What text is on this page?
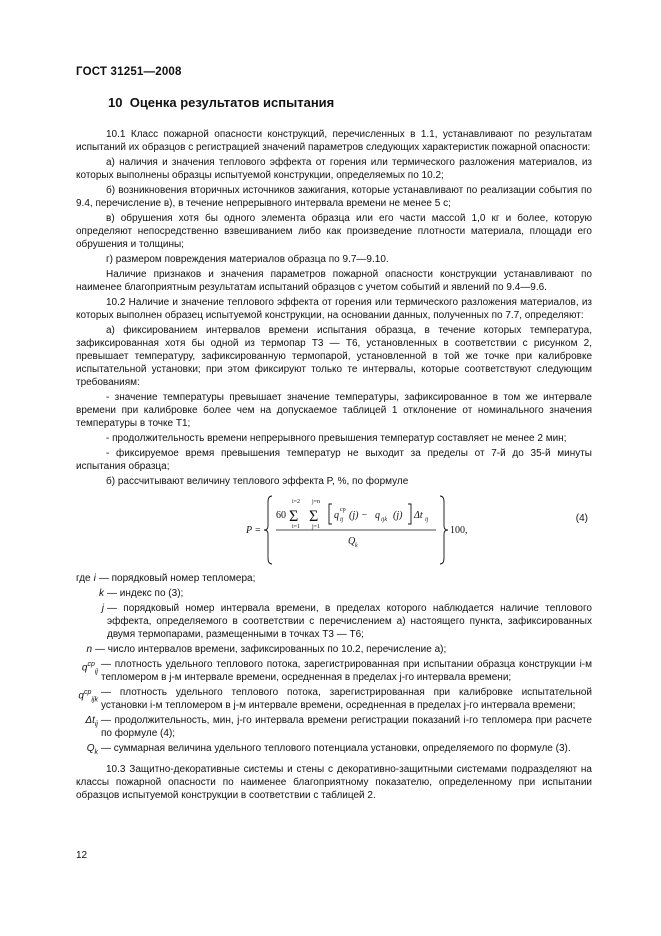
ГОСТ 31251—2008
10 Оценка результатов испытания

10.1 Класс пожарной опасности конструкций, перечисленных в 1.1, устанавливают по результатам испытаний их образцов с регистрацией значений параметров следующих характеристик пожарной опасности:

а) наличия и значения теплового эффекта от горения или термического разложения материалов, из которых выполнены образцы испытуемой конструкции, определяемых по 10.2;

б) возникновения вторичных источников зажигания, которые устанавливают по реализации события по 9.4, перечисление в), в течение непрерывного интервала времени не менее 5 с;

в) обрушения хотя бы одного элемента образца или его части массой 1,0 кг и более, которую определяют непосредственно взвешиванием либо как произведение плотности материала, площади его обрушения и толщины;

г) размером повреждения материалов образца по 9.7—9.10.

Наличие признаков и значения параметров пожарной опасности конструкции устанавливают по наименее благоприятным результатам испытаний образцов с учетом событий и явлений по 9.4—9.6.

10.2 Наличие и значение теплового эффекта от горения или термического разложения материалов, из которых выполнен образец испытуемой конструкции, на основании данных, полученных по 7.7, определяют:

а) фиксированием интервалов времени испытания образца, в течение которых температура, зафиксированная хотя бы одной из термопар Т3 — Т6, установленных в соответствии с рисунком 2, превышает температуру, зафиксированную термопарой, установленной в той же точке при калибровке испытательной установки; при этом фиксируют только те интервалы, которые соответствуют следующим требованиям:

- значение температуры превышает значение температуры, зафиксированное в том же интервале времени при калибровке более чем на допускаемое таблицей 1 отклонение от номинального значения температуры в точке Т1;

- продолжительность времени непрерывного превышения температур составляет не менее 2 мин;

- фиксируемое время превышения температур не выходит за пределы от 7-й до 35-й минуты испытания образца;

б) рассчитывают величину теплового эффекта P, %, по формуле

P =
60
i=2
Σ
i=1
j=n
Σ
j=1
q ср
ij (j) − q ijk (j) Δt ij
Q k
100,
(4)
где i — порядковый номер тепломера;
k — индекс по (3);
j — порядковый номер интервала времени, в пределах которого наблюдается наличие теплового эффекта, определяемого в соответствии с перечислением а) настоящего пункта, зафиксированных двумя термопарами, размещенными в точках Т3 — Т6;
n — число интервалов времени, зафиксированных по 10.2, перечисление а);
$q^{ср}_{ij}$
— плотность удельного теплового потока, зарегистрированная при испытании образца конструкции i-м тепломером в j-м интервале времени, осредненная в пределах j-го интервала времени;
$q^{ср}_{ijk}$
— плотность удельного теплового потока, зарегистрированная при калибровке испытательной установки i-м тепломером в j-м интервале времени, осредненная в пределах j-го интервала времени;
$\Delta t_{ij}$ — продолжительность, мин, j-го интервала времени регистрации показаний i-го тепломера при расчете по формуле (4);
$Q_k$ — суммарная величина удельного теплового потенциала установки, определяемого по формуле (3).

10.3 Защитно-декоративные системы и стены с декоративно-защитными системами подразделяют на классы пожарной опасности по наименее благоприятному показателю, определенному при испытании образцов испытуемой конструкции в соответствии с таблицей 2.

12
